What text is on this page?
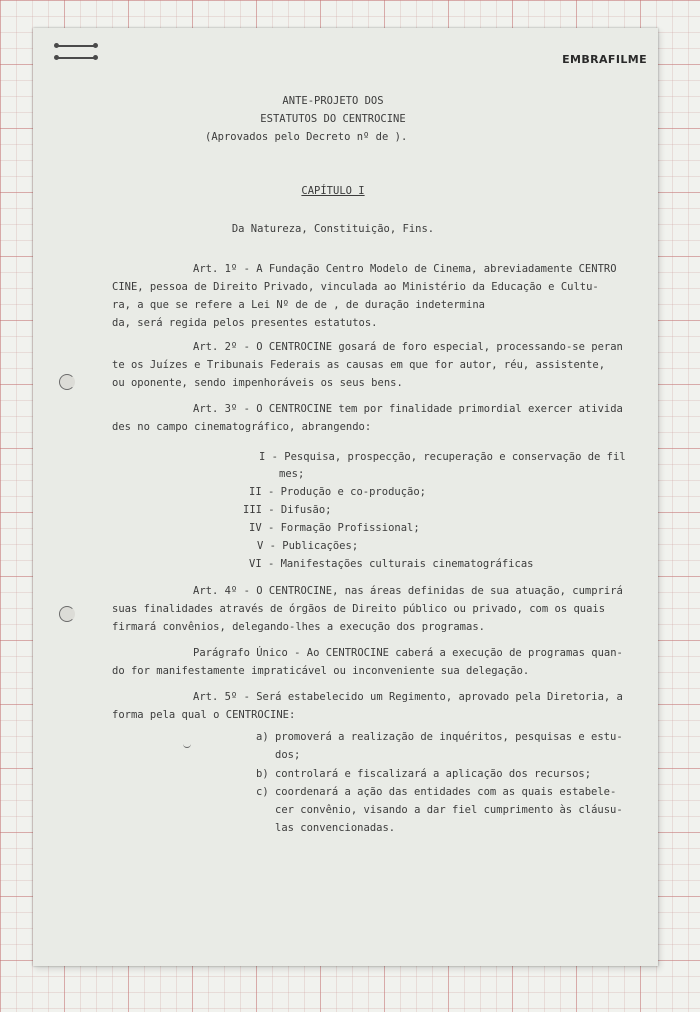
EMBRAFILME
ANTE-PROJETO DOS
ESTATUTOS DO CENTROCINE
(Aprovados pelo Decreto nº de ).
CAPÍTULO I
Da Natureza, Constituição, Fins.
Art. 1º - A Fundação Centro Modelo de Cinema, abreviadamente CENTRO
CINE, pessoa de Direito Privado, vinculada ao Ministério da Educação e Cultu-
ra, a que se refere a Lei Nº de de , de duração indetermina
da, será regida pelos presentes estatutos.
Art. 2º - O CENTROCINE gosará de foro especial, processando-se peran
te os Juízes e Tribunais Federais as causas em que for autor, réu, assistente,
ou oponente, sendo impenhoráveis os seus bens.
Art. 3º - O CENTROCINE tem por finalidade primordial exercer ativida
des no campo cinematográfico, abrangendo:
I - Pesquisa, prospecção, recuperação e conservação de fil
mes;
II - Produção e co-produção;
III - Difusão;
IV - Formação Profissional;
V - Publicações;
VI - Manifestações culturais cinematográficas
Art. 4º - O CENTROCINE, nas áreas definidas de sua atuação, cumprirá
suas finalidades através de órgãos de Direito público ou privado, com os quais
firmará convênios, delegando-lhes a execução dos programas.
Parágrafo Único - Ao CENTROCINE caberá a execução de programas quan-
do for manifestamente impraticável ou inconveniente sua delegação.
Art. 5º - Será estabelecido um Regimento, aprovado pela Diretoria, a
forma pela qual o CENTROCINE:
a) promoverá a realização de inquéritos, pesquisas e estu-
dos;
b) controlará e fiscalizará a aplicação dos recursos;
c) coordenará a ação das entidades com as quais estabele-
cer convênio, visando a dar fiel cumprimento às cláusu-
las convencionadas.
